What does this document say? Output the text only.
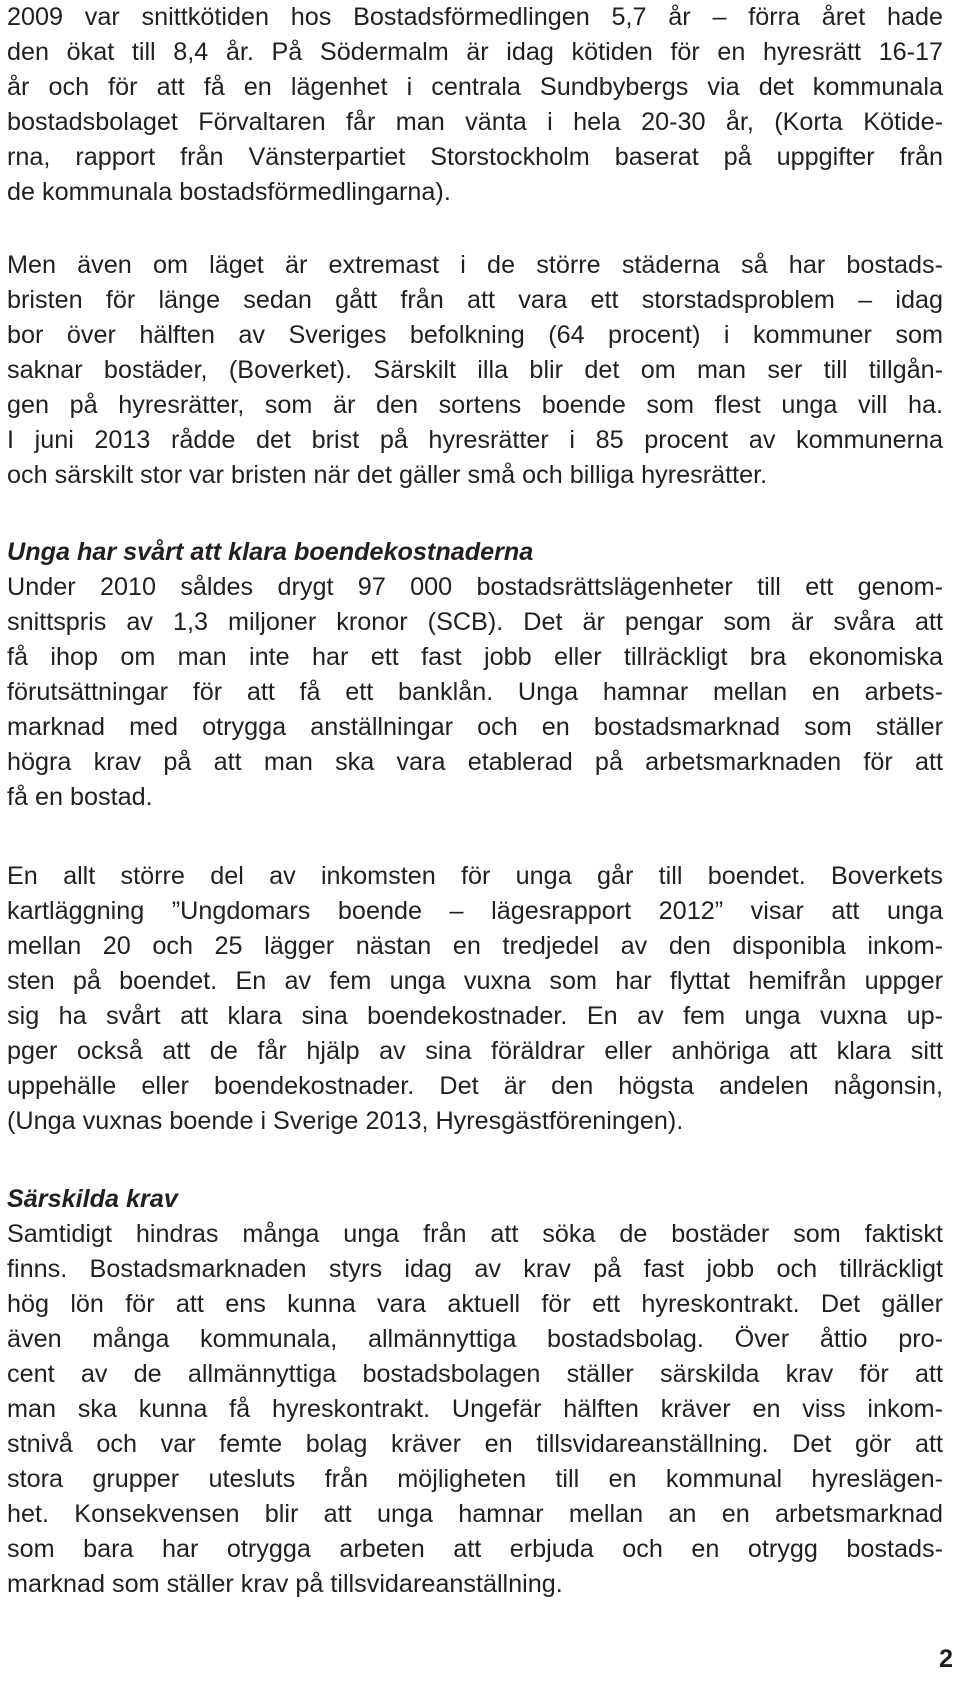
2009 var snittkötiden hos Bostadsförmedlingen 5,7 år – förra året hade
den ökat till 8,4 år. På Södermalm är idag kötiden för en hyresrätt 16-17
år och för att få en lägenhet i centrala Sundbybergs via det kommunala
bostadsbolaget Förvaltaren får man vänta i hela 20-30 år, (Korta Kötide-
rna, rapport från Vänsterpartiet Storstockholm baserat på uppgifter från
de kommunala bostadsförmedlingarna).
Men även om läget är extremast i de större städerna så har bostads-
bristen för länge sedan gått från att vara ett storstadsproblem – idag
bor över hälften av Sveriges befolkning (64 procent) i kommuner som
saknar bostäder, (Boverket). Särskilt illa blir det om man ser till tillgån-
gen på hyresrätter, som är den sortens boende som flest unga vill ha.
I juni 2013 rådde det brist på hyresrätter i 85 procent av kommunerna
och särskilt stor var bristen när det gäller små och billiga hyresrätter.
Unga har svårt att klara boendekostnaderna
Under 2010 såldes drygt 97 000 bostadsrättslägenheter till ett genom-
snittspris av 1,3 miljoner kronor (SCB). Det är pengar som är svåra att
få ihop om man inte har ett fast jobb eller tillräckligt bra ekonomiska
förutsättningar för att få ett banklån. Unga hamnar mellan en arbets-
marknad med otrygga anställningar och en bostadsmarknad som ställer
högra krav på att man ska vara etablerad på arbetsmarknaden för att
få en bostad.
En allt större del av inkomsten för unga går till boendet. Boverkets
kartläggning ”Ungdomars boende – lägesrapport 2012” visar att unga
mellan 20 och 25 lägger nästan en tredjedel av den disponibla inkom-
sten på boendet. En av fem unga vuxna som har flyttat hemifrån uppger
sig ha svårt att klara sina boendekostnader. En av fem unga vuxna up-
pger också att de får hjälp av sina föräldrar eller anhöriga att klara sitt
uppehälle eller boendekostnader. Det är den högsta andelen någonsin,
(Unga vuxnas boende i Sverige 2013, Hyresgästföreningen).
Särskilda krav
Samtidigt hindras många unga från att söka de bostäder som faktiskt
finns. Bostadsmarknaden styrs idag av krav på fast jobb och tillräckligt
hög lön för att ens kunna vara aktuell för ett hyreskontrakt. Det gäller
även många kommunala, allmännyttiga bostadsbolag. Över åttio pro-
cent av de allmännyttiga bostadsbolagen ställer särskilda krav för att
man ska kunna få hyreskontrakt. Ungefär hälften kräver en viss inkom-
stnivå och var femte bolag kräver en tillsvidareanställning. Det gör att
stora grupper utesluts från möjligheten till en kommunal hyreslägen-
het. Konsekvensen blir att unga hamnar mellan an en arbetsmarknad
som bara har otrygga arbeten att erbjuda och en otrygg bostads-
marknad som ställer krav på tillsvidareanställning.
2
